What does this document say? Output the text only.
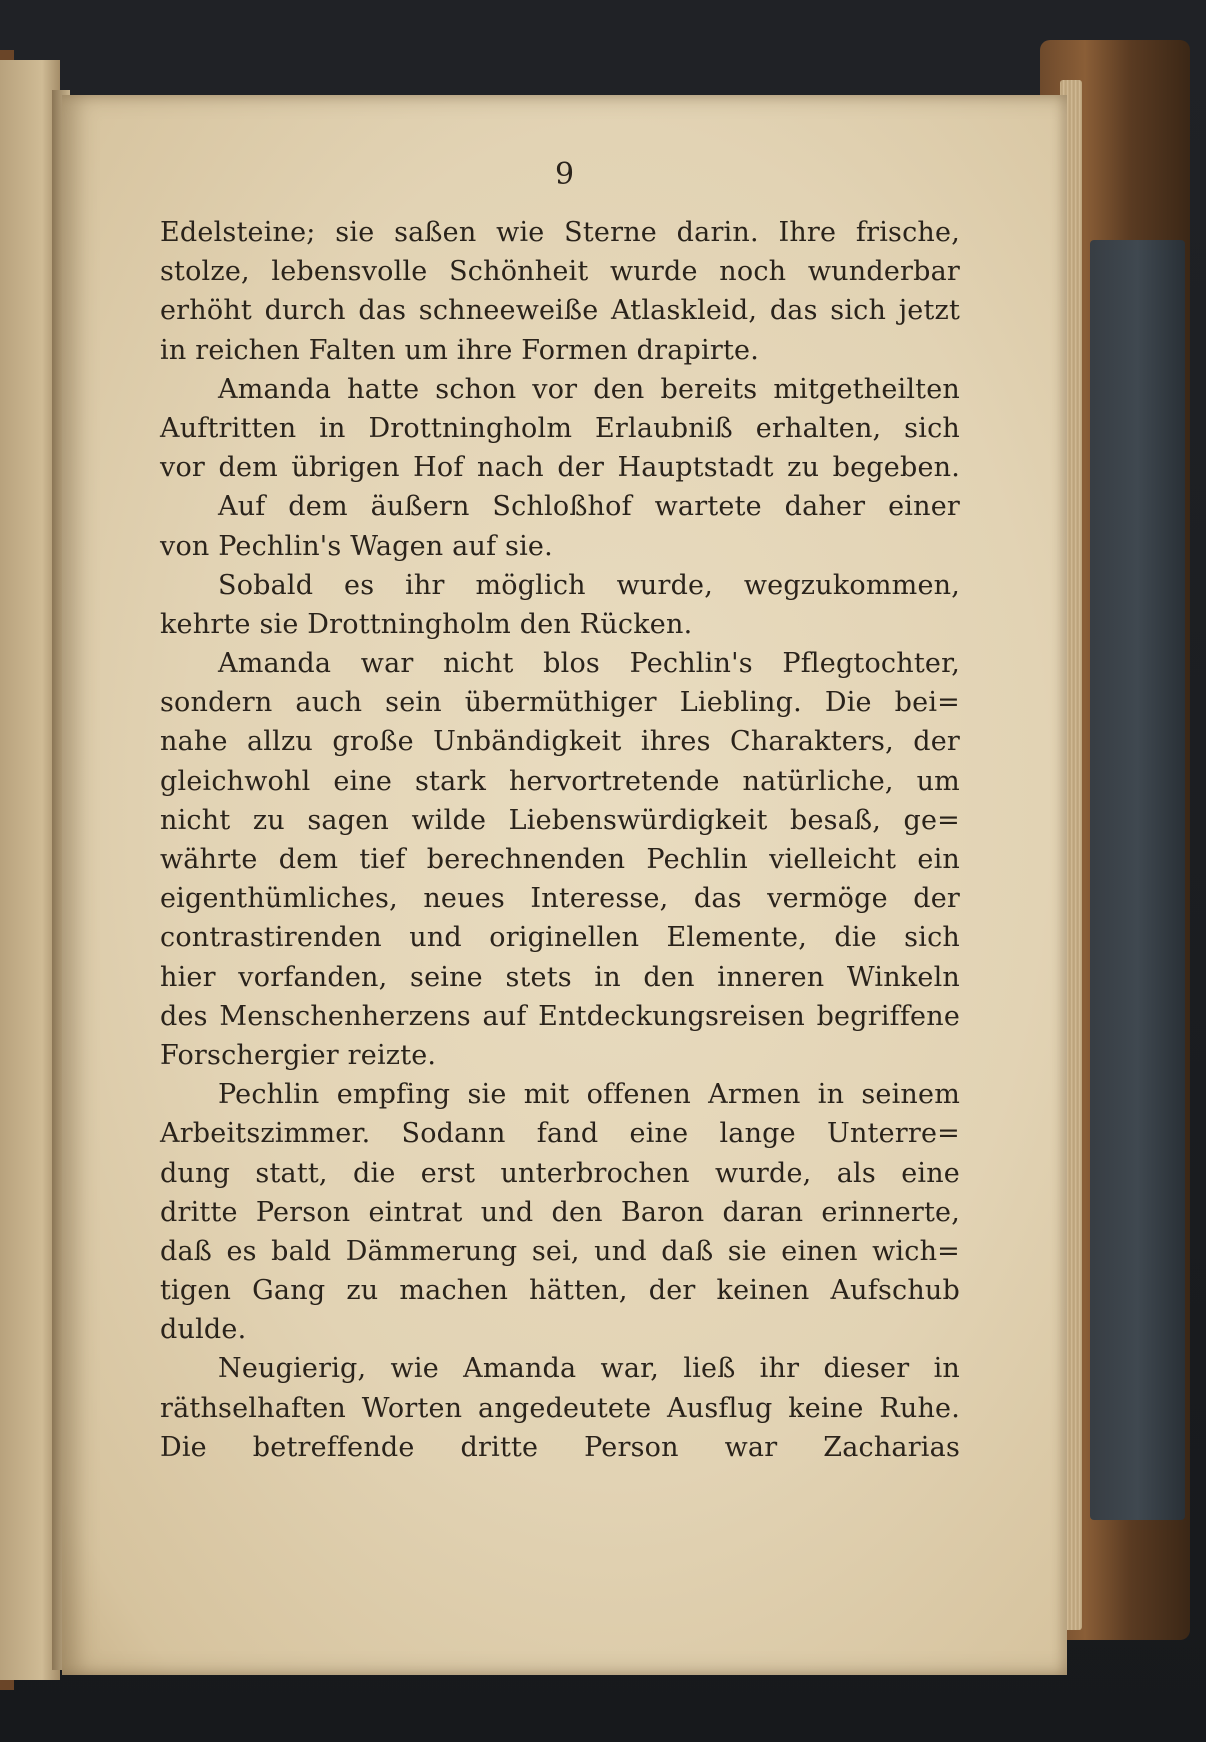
9
Edelsteine; sie saßen wie Sterne darin. Ihre frische,
stolze, lebensvolle Schönheit wurde noch wunderbar
erhöht durch das schneeweiße Atlaskleid, das sich jetzt
in reichen Falten um ihre Formen drapirte.
Amanda hatte schon vor den bereits mitgetheilten
Auftritten in Drottningholm Erlaubniß erhalten, sich
vor dem übrigen Hof nach der Hauptstadt zu begeben.
Auf dem äußern Schloßhof wartete daher einer
von Pechlin's Wagen auf sie.
Sobald es ihr möglich wurde, wegzukommen,
kehrte sie Drottningholm den Rücken.
Amanda war nicht blos Pechlin's Pflegtochter,
sondern auch sein übermüthiger Liebling. Die bei=
nahe allzu große Unbändigkeit ihres Charakters, der
gleichwohl eine stark hervortretende natürliche, um
nicht zu sagen wilde Liebenswürdigkeit besaß, ge=
währte dem tief berechnenden Pechlin vielleicht ein
eigenthümliches, neues Interesse, das vermöge der
contrastirenden und originellen Elemente, die sich
hier vorfanden, seine stets in den inneren Winkeln
des Menschenherzens auf Entdeckungsreisen begriffene
Forschergier reizte.
Pechlin empfing sie mit offenen Armen in seinem
Arbeitszimmer. Sodann fand eine lange Unterre=
dung statt, die erst unterbrochen wurde, als eine
dritte Person eintrat und den Baron daran erinnerte,
daß es bald Dämmerung sei, und daß sie einen wich=
tigen Gang zu machen hätten, der keinen Aufschub
dulde.
Neugierig, wie Amanda war, ließ ihr dieser in
räthselhaften Worten angedeutete Ausflug keine Ruhe.
Die betreffende dritte Person war Zacharias
